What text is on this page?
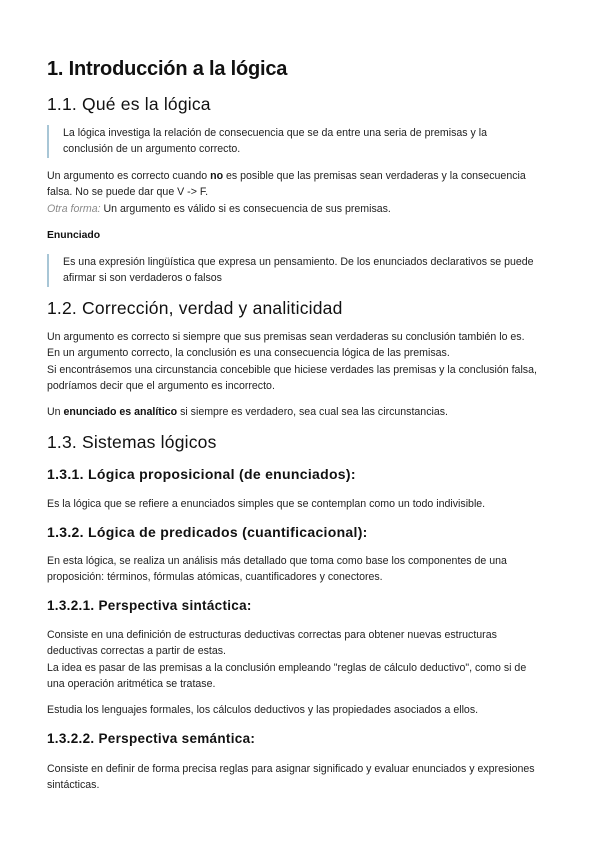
1. Introducción a la lógica
1.1. Qué es la lógica
La lógica investiga la relación de consecuencia que se da entre una seria de premisas y la
conclusión de un argumento correcto.

Un argumento es correcto cuando no es posible que las premisas sean verdaderas y la consecuencia
falsa. No se puede dar que V -> F.
Otra forma: Un argumento es válido si es consecuencia de sus premisas.

Enunciado
Es una expresión lingüística que expresa un pensamiento. De los enunciados declarativos se puede
afirmar si son verdaderos o falsos
1.2. Corrección, verdad y analiticidad

Un argumento es correcto si siempre que sus premisas sean verdaderas su conclusión también lo es.
En un argumento correcto, la conclusión es una consecuencia lógica de las premisas.
Si encontrásemos una circunstancia concebible que hiciese verdades las premisas y la conclusión falsa,
podríamos decir que el argumento es incorrecto.

Un enunciado es analítico si siempre es verdadero, sea cual sea las circunstancias.

1.3. Sistemas lógicos
1.3.1. Lógica proposicional (de enunciados):

Es la lógica que se refiere a enunciados simples que se contemplan como un todo indivisible.

1.3.2. Lógica de predicados (cuantificacional):

En esta lógica, se realiza un análisis más detallado que toma como base los componentes de una
proposición: términos, fórmulas atómicas, cuantificadores y conectores.

1.3.2.1. Perspectiva sintáctica:

Consiste en una definición de estructuras deductivas correctas para obtener nuevas estructuras
deductivas correctas a partir de estas.
La idea es pasar de las premisas a la conclusión empleando "reglas de cálculo deductivo", como si de
una operación aritmética se tratase.

Estudia los lenguajes formales, los cálculos deductivos y las propiedades asociados a ellos.

1.3.2.2. Perspectiva semántica:

Consiste en definir de forma precisa reglas para asignar significado y evaluar enunciados y expresiones
sintácticas.
